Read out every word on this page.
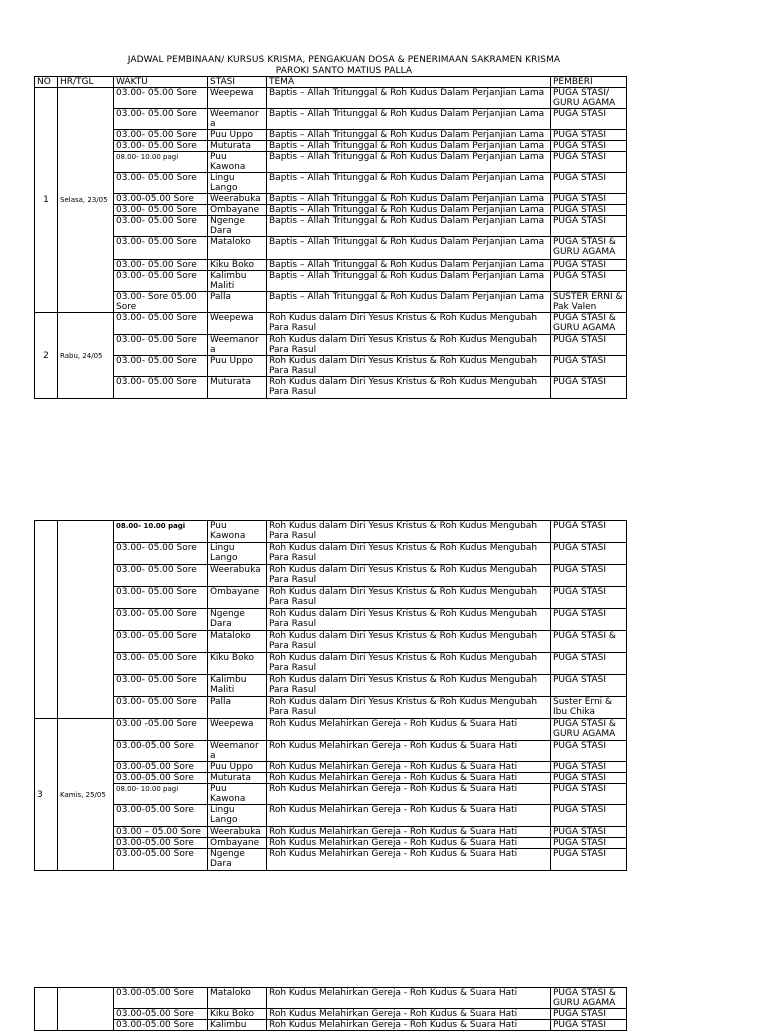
JADWAL PEMBINAAN/ KURSUS KRISMA, PENGAKUAN DOSA & PENERIMAAN SAKRAMEN KRISMA
PAROKI SANTO MATIUS PALLA
NO	HR/TGL	WAKTU	STASI	TEMA	PEMBERI
1	Selasa, 23/05	03.00- 05.00 Sore	Weepewa	Baptis – Allah Tritunggal & Roh Kudus Dalam Perjanjian Lama	PUGA STASI/ GURU AGAMA
		03.00- 05.00 Sore	Weemanor a	Baptis – Allah Tritunggal & Roh Kudus Dalam Perjanjian Lama	PUGA STASI
		03.00- 05.00 Sore	Puu Uppo	Baptis – Allah Tritunggal & Roh Kudus Dalam Perjanjian Lama	PUGA STASI
		03.00- 05.00 Sore	Muturata	Baptis – Allah Tritunggal & Roh Kudus Dalam Perjanjian Lama	PUGA STASI
		08.00- 10.00 pagi	Puu Kawona	Baptis – Allah Tritunggal & Roh Kudus Dalam Perjanjian Lama	PUGA STASI
		03.00- 05.00 Sore	Lingu Lango	Baptis – Allah Tritunggal & Roh Kudus Dalam Perjanjian Lama	PUGA STASI
		03.00-05.00 Sore	Weerabuka	Baptis – Allah Tritunggal & Roh Kudus Dalam Perjanjian Lama	PUGA STASI
		03.00- 05.00 Sore	Ombayane	Baptis – Allah Tritunggal & Roh Kudus Dalam Perjanjian Lama	PUGA STASI
		03.00- 05.00 Sore	Ngenge Dara	Baptis – Allah Tritunggal & Roh Kudus Dalam Perjanjian Lama	PUGA STASI
		03.00- 05.00 Sore	Mataloko	Baptis – Allah Tritunggal & Roh Kudus Dalam Perjanjian Lama	PUGA STASI & GURU AGAMA
		03.00- 05.00 Sore	Kiku Boko	Baptis – Allah Tritunggal & Roh Kudus Dalam Perjanjian Lama	PUGA STASI
		03.00- 05.00 Sore	Kalimbu Maliti	Baptis – Allah Tritunggal & Roh Kudus Dalam Perjanjian Lama	PUGA STASI
		03.00- Sore 05.00 Sore	Palla	Baptis – Allah Tritunggal & Roh Kudus Dalam Perjanjian Lama	SUSTER ERNI & Pak Valen
2	Rabu, 24/05	03.00- 05.00 Sore	Weepewa	Roh Kudus dalam Diri Yesus Kristus & Roh Kudus Mengubah Para Rasul	PUGA STASI & GURU AGAMA
		03.00- 05.00 Sore	Weemanor a	Roh Kudus dalam Diri Yesus Kristus & Roh Kudus Mengubah Para Rasul	PUGA STASI
		03.00- 05.00 Sore	Puu Uppo	Roh Kudus dalam Diri Yesus Kristus & Roh Kudus Mengubah Para Rasul	PUGA STASI
		03.00- 05.00 Sore	Muturata	Roh Kudus dalam Diri Yesus Kristus & Roh Kudus Mengubah Para Rasul	PUGA STASI
		08.00- 10.00 pagi	Puu Kawona	Roh Kudus dalam Diri Yesus Kristus & Roh Kudus Mengubah Para Rasul	PUGA STASI
		03.00- 05.00 Sore	Lingu Lango	Roh Kudus dalam Diri Yesus Kristus & Roh Kudus Mengubah Para Rasul	PUGA STASI
		03.00- 05.00 Sore	Weerabuka	Roh Kudus dalam Diri Yesus Kristus & Roh Kudus Mengubah Para Rasul	PUGA STASI
		03.00- 05.00 Sore	Ombayane	Roh Kudus dalam Diri Yesus Kristus & Roh Kudus Mengubah Para Rasul	PUGA STASI
		03.00- 05.00 Sore	Ngenge Dara	Roh Kudus dalam Diri Yesus Kristus & Roh Kudus Mengubah Para Rasul	PUGA STASI
		03.00- 05.00 Sore	Mataloko	Roh Kudus dalam Diri Yesus Kristus & Roh Kudus Mengubah Para Rasul	PUGA STASI &
		03.00- 05.00 Sore	Kiku Boko	Roh Kudus dalam Diri Yesus Kristus & Roh Kudus Mengubah Para Rasul	PUGA STASI
		03.00- 05.00 Sore	Kalimbu Maliti	Roh Kudus dalam Diri Yesus Kristus & Roh Kudus Mengubah Para Rasul	PUGA STASI
		03.00- 05.00 Sore	Palla	Roh Kudus dalam Diri Yesus Kristus & Roh Kudus Mengubah Para Rasul	Suster Erni & Ibu Chika
3	Kamis, 25/05	03.00 -05.00 Sore	Weepewa	Roh Kudus Melahirkan Gereja - Roh Kudus & Suara Hati	PUGA STASI & GURU AGAMA
		03.00-05.00 Sore	Weemanor a	Roh Kudus Melahirkan Gereja - Roh Kudus & Suara Hati	PUGA STASI
		03.00-05.00 Sore	Puu Uppo	Roh Kudus Melahirkan Gereja - Roh Kudus & Suara Hati	PUGA STASI
		03.00-05.00 Sore	Muturata	Roh Kudus Melahirkan Gereja - Roh Kudus & Suara Hati	PUGA STASI
		08.00- 10.00 pagi	Puu Kawona	Roh Kudus Melahirkan Gereja - Roh Kudus & Suara Hati	PUGA STASI
		03.00-05.00 Sore	Lingu Lango	Roh Kudus Melahirkan Gereja - Roh Kudus & Suara Hati	PUGA STASI
		03.00 – 05.00 Sore	Weerabuka	Roh Kudus Melahirkan Gereja - Roh Kudus & Suara Hati	PUGA STASI
		03.00-05.00 Sore	Ombayane	Roh Kudus Melahirkan Gereja - Roh Kudus & Suara Hati	PUGA STASI
		03.00-05.00 Sore	Ngenge Dara	Roh Kudus Melahirkan Gereja - Roh Kudus & Suara Hati	PUGA STASI
		03.00-05.00 Sore	Mataloko	Roh Kudus Melahirkan Gereja - Roh Kudus & Suara Hati	PUGA STASI & GURU AGAMA
		03.00-05.00 Sore	Kiku Boko	Roh Kudus Melahirkan Gereja - Roh Kudus & Suara Hati	PUGA STASI
		03.00-05.00 Sore	Kalimbu	Roh Kudus Melahirkan Gereja - Roh Kudus & Suara Hati	PUGA STASI
